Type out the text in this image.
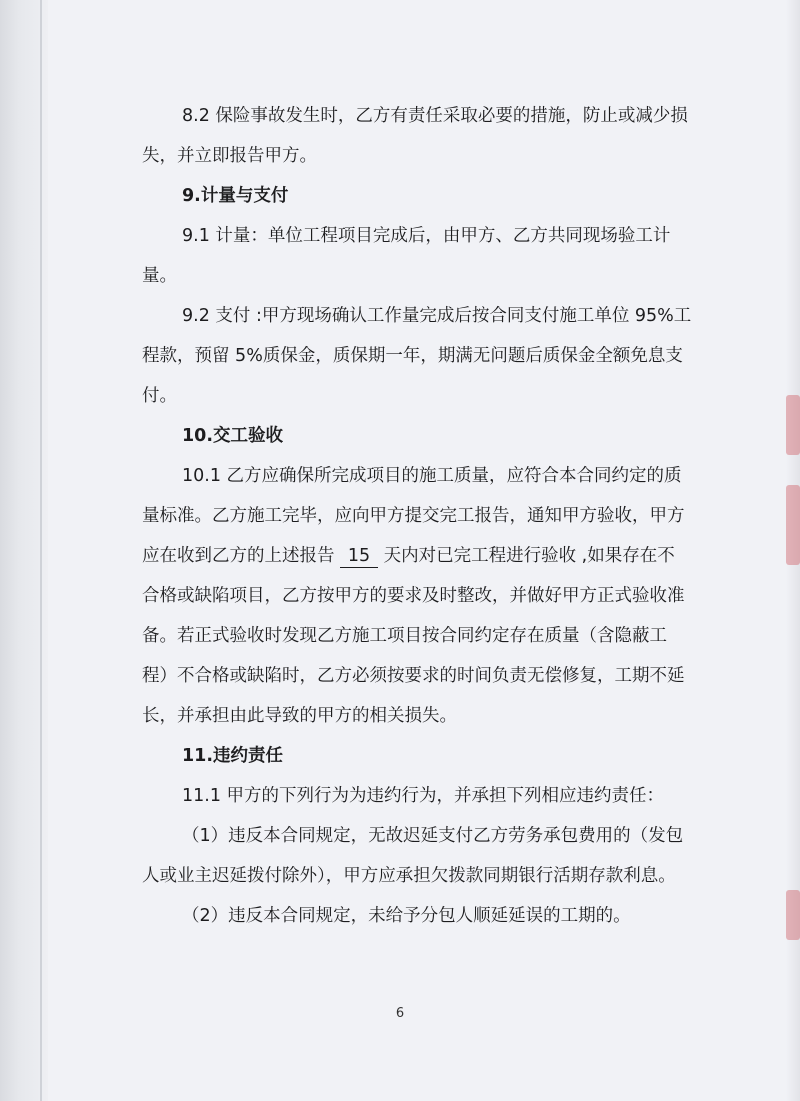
8.2 保险事故发生时，乙方有责任采取必要的措施，防止或减少损失，并立即报告甲方。

9.计量与支付

9.1 计量：单位工程项目完成后，由甲方、乙方共同现场验工计量。

9.2 支付 :甲方现场确认工作量完成后按合同支付施工单位 95%工程款，预留 5%质保金，质保期一年，期满无问题后质保金全额免息支付。

10.交工验收

10.1 乙方应确保所完成项目的施工质量，应符合本合同约定的质量标准。乙方施工完毕，应向甲方提交完工报告，通知甲方验收，甲方应在收到乙方的上述报告 15 天内对已完工程进行验收 ,如果存在不合格或缺陷项目，乙方按甲方的要求及时整改，并做好甲方正式验收准备。若正式验收时发现乙方施工项目按合同约定存在质量（含隐蔽工程）不合格或缺陷时，乙方必须按要求的时间负责无偿修复，工期不延长，并承担由此导致的甲方的相关损失。

11.违约责任

11.1 甲方的下列行为为违约行为，并承担下列相应违约责任：

（1）违反本合同规定，无故迟延支付乙方劳务承包费用的（发包人或业主迟延拨付除外），甲方应承担欠拨款同期银行活期存款利息。

（2）违反本合同规定，未给予分包人顺延延误的工期的。

6
